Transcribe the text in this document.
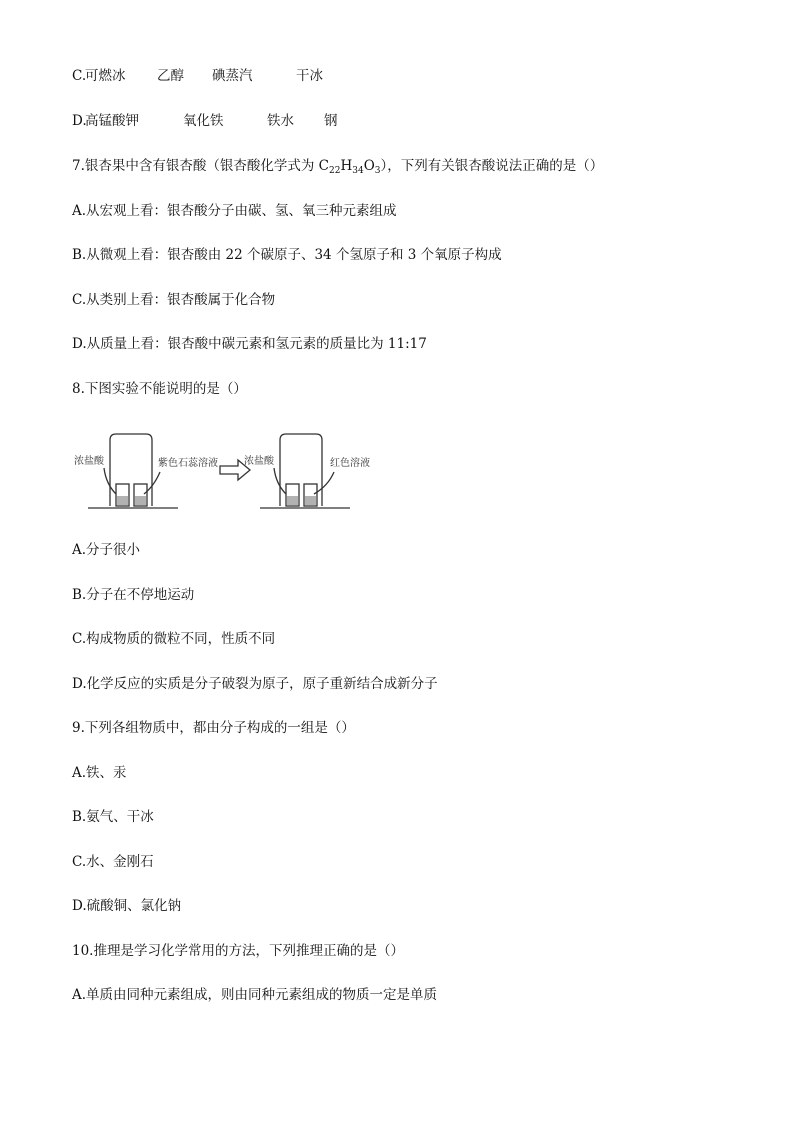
C.
可燃冰 乙醇 碘蒸汽	干冰
D.
高锰酸钾	氧化铁	铁水 钢
7.银杏果中含有银杏酸（银杏酸化学式为 $C_{22}H_{34}O_3$），下列有关银杏酸说法正确的是（）
A.从宏观上看：银杏酸分子由碳、氢、氧三种元素组成
B.从微观上看：银杏酸由 22 个碳原子、34 个氢原子和 3 个氧原子构成
C.从类别上看：银杏酸属于化合物
D.从质量上看：银杏酸中碳元素和氢元素的质量比为 11:17
8.下图实验不能说明的是（）
浓盐酸	紫色石蕊溶液	浓盐酸	红色溶液
A.分子很小
B.分子在不停地运动
C.构成物质的微粒不同，性质不同
D.化学反应的实质是分子破裂为原子，原子重新结合成新分子
9.下列各组物质中，都由分子构成的一组是（）
A.铁、汞
B.氨气、干冰
C.水、金刚石
D.硫酸铜、氯化钠
10.推理是学习化学常用的方法，下列推理正确的是（）
A.单质由同种元素组成，则由同种元素组成的物质一定是单质
